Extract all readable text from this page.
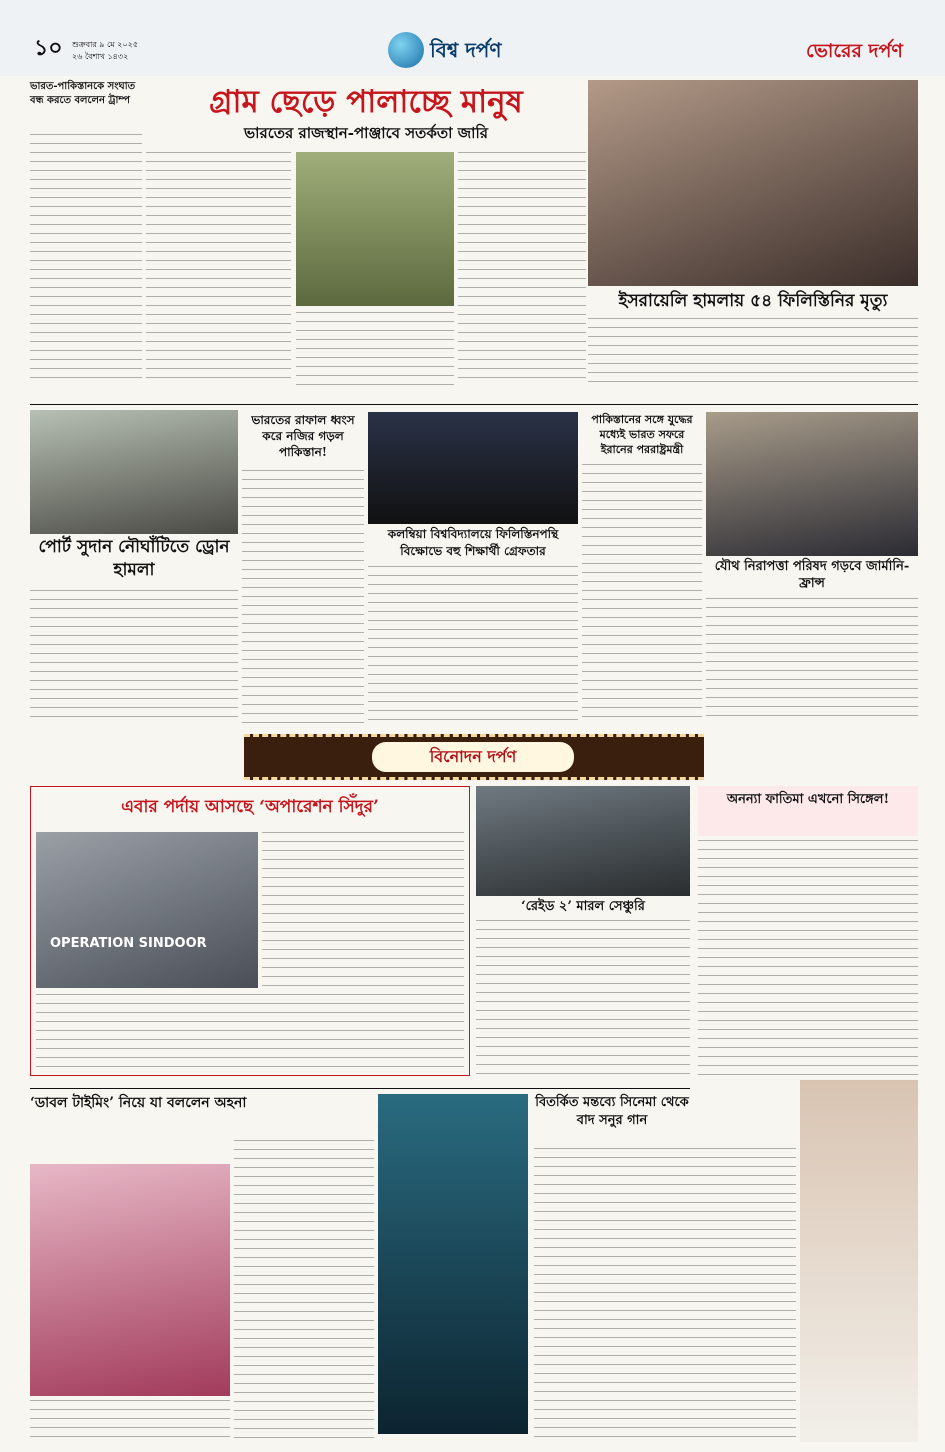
১০ শুক্রবার ৯ মে ২০২৫
২৬ বৈশাখ ১৪৩২	বিশ্ব দর্পণ	ভোরের দর্পণ
ভারত-পাকিস্তানকে সংঘাত বন্ধ করতে বললেন ট্রাম্প	গ্রাম ছেড়ে পালাচ্ছে মানুষ
ভারতের রাজস্থান-পাঞ্জাবে সতর্কতা জারি
ইসরায়েলি হামলায় ৫৪ ফিলিস্তিনির মৃত্যু
পোর্ট সুদান নৌঘাঁটিতে ড্রোন হামলা
ভারতের রাফাল ধ্বংস করে নজির গড়ল পাকিস্তান!
কলম্বিয়া বিশ্ববিদ্যালয়ে ফিলিস্তিনপন্থি বিক্ষোভে বহু শিক্ষার্থী গ্রেফতার
পাকিস্তানের সঙ্গে যুদ্ধের মধ্যেই ভারত সফরে ইরানের পররাষ্ট্রমন্ত্রী
যৌথ নিরাপত্তা পরিষদ গড়বে জার্মানি-ফ্রান্স
বিনোদন দর্পণ
এবার পর্দায় আসছে ‘অপারেশন সিঁদুর’
OPERATION SINDOOR
‘রেইড ২’ মারল সেঞ্চুরি
অনন্যা ফাতিমা এখনো সিঙ্গেল!
‘ডাবল টাইমিং’ নিয়ে যা বললেন অহনা	বিতর্কিত মন্তব্যে সিনেমা থেকে বাদ সনুর গান
